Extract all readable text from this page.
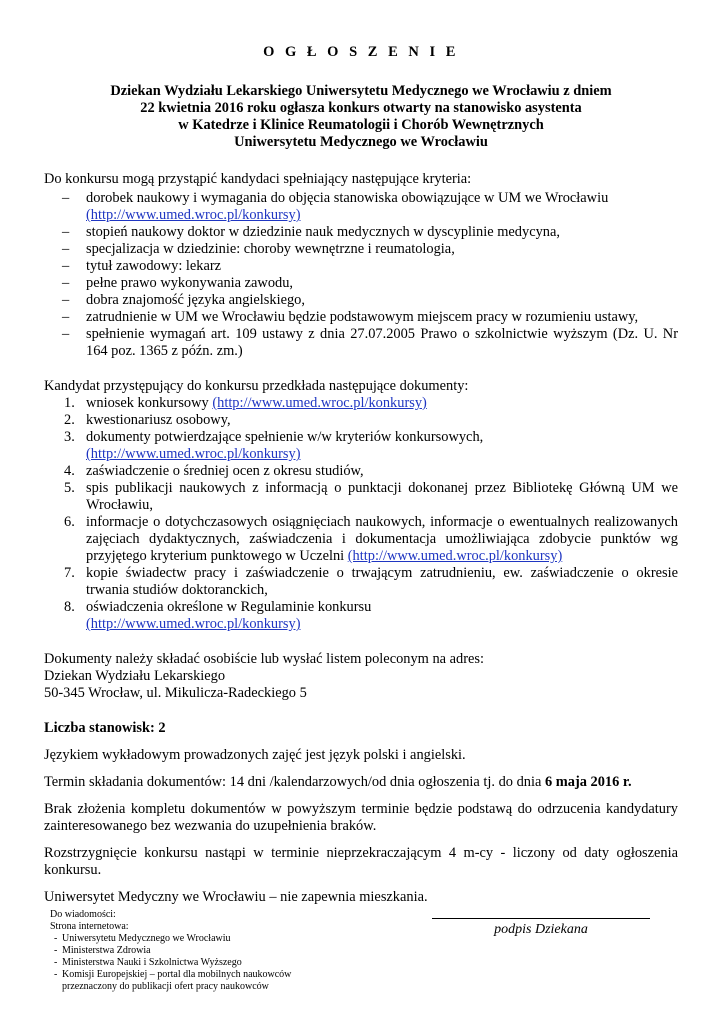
O G Ł O S Z E N I E
Dziekan Wydziału Lekarskiego Uniwersytetu Medycznego we Wrocławiu z dniem
22 kwietnia 2016 roku ogłasza konkurs otwarty na stanowisko asystenta
w Katedrze i Klinice Reumatologii i Chorób Wewnętrznych
Uniwersytetu Medycznego we Wrocławiu
Do konkursu mogą przystąpić kandydaci spełniający następujące kryteria:
– dorobek naukowy i wymagania do objęcia stanowiska obowiązujące w UM we Wrocławiu
(http://www.umed.wroc.pl/konkursy)
– stopień naukowy doktor w dziedzinie nauk medycznych w dyscyplinie medycyna,
– specjalizacja w dziedzinie: choroby wewnętrzne i reumatologia,
– tytuł zawodowy: lekarz
– pełne prawo wykonywania zawodu,
– dobra znajomość języka angielskiego,
– zatrudnienie w UM we Wrocławiu będzie podstawowym miejscem pracy w rozumieniu ustawy,
– spełnienie wymagań art. 109 ustawy z dnia 27.07.2005 Prawo o szkolnictwie wyższym (Dz. U. Nr 164 poz. 1365 z późn. zm.)
Kandydat przystępujący do konkursu przedkłada następujące dokumenty:
1. wniosek konkursowy (http://www.umed.wroc.pl/konkursy)
2. kwestionariusz osobowy,
3. dokumenty potwierdzające spełnienie w/w kryteriów konkursowych,
(http://www.umed.wroc.pl/konkursy)
4. zaświadczenie o średniej ocen z okresu studiów,
5. spis publikacji naukowych z informacją o punktacji dokonanej przez Bibliotekę Główną UM we Wrocławiu,
6. informacje o dotychczasowych osiągnięciach naukowych, informacje o ewentualnych realizowanych zajęciach dydaktycznych, zaświadczenia i dokumentacja umożliwiająca zdobycie punktów wg przyjętego kryterium punktowego w Uczelni (http://www.umed.wroc.pl/konkursy)
7. kopie świadectw pracy i zaświadczenie o trwającym zatrudnieniu, ew. zaświadczenie o okresie trwania studiów doktoranckich,
8. oświadczenia określone w Regulaminie konkursu
(http://www.umed.wroc.pl/konkursy)
Dokumenty należy składać osobiście lub wysłać listem poleconym na adres:
Dziekan Wydziału Lekarskiego
50-345 Wrocław, ul. Mikulicza-Radeckiego 5
Liczba stanowisk: 2
Językiem wykładowym prowadzonych zajęć jest język polski i angielski.
Termin składania dokumentów: 14 dni /kalendarzowych/od dnia ogłoszenia tj. do dnia 6 maja 2016 r.
Brak złożenia kompletu dokumentów w powyższym terminie będzie podstawą do odrzucenia kandydatury zainteresowanego bez wezwania do uzupełnienia braków.
Rozstrzygnięcie konkursu nastąpi w terminie nieprzekraczającym 4 m-cy - liczony od daty ogłoszenia konkursu.
Uniwersytet Medyczny we Wrocławiu – nie zapewnia mieszkania.
Do wiadomości:
Strona internetowa:
- Uniwersytetu Medycznego we Wrocławiu
- Ministerstwa Zdrowia
- Ministerstwa Nauki i Szkolnictwa Wyższego
- Komisji Europejskiej – portal dla mobilnych naukowców przeznaczony do publikacji ofert pracy naukowców
podpis Dziekana
